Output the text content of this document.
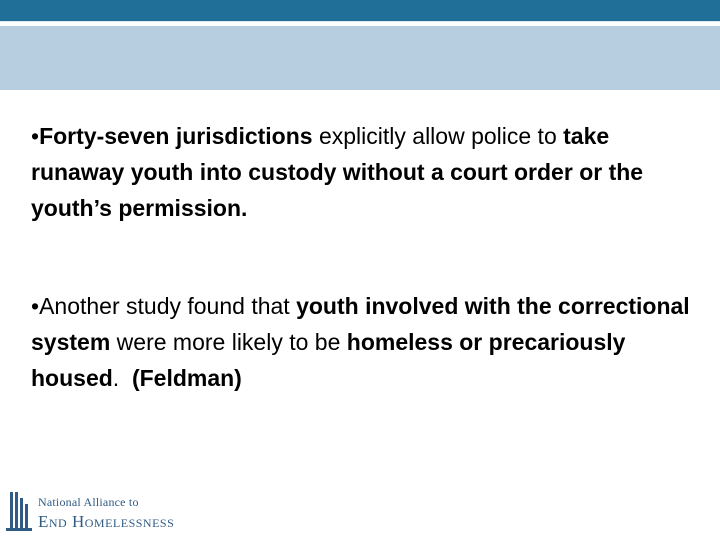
•Forty-seven jurisdictions explicitly allow police to take runaway youth into custody without a court order or the youth’s permission.

•Another study found that youth involved with the correctional system were more likely to be homeless or precariously housed.  (Feldman)

National Alliance to
End Homelessness
